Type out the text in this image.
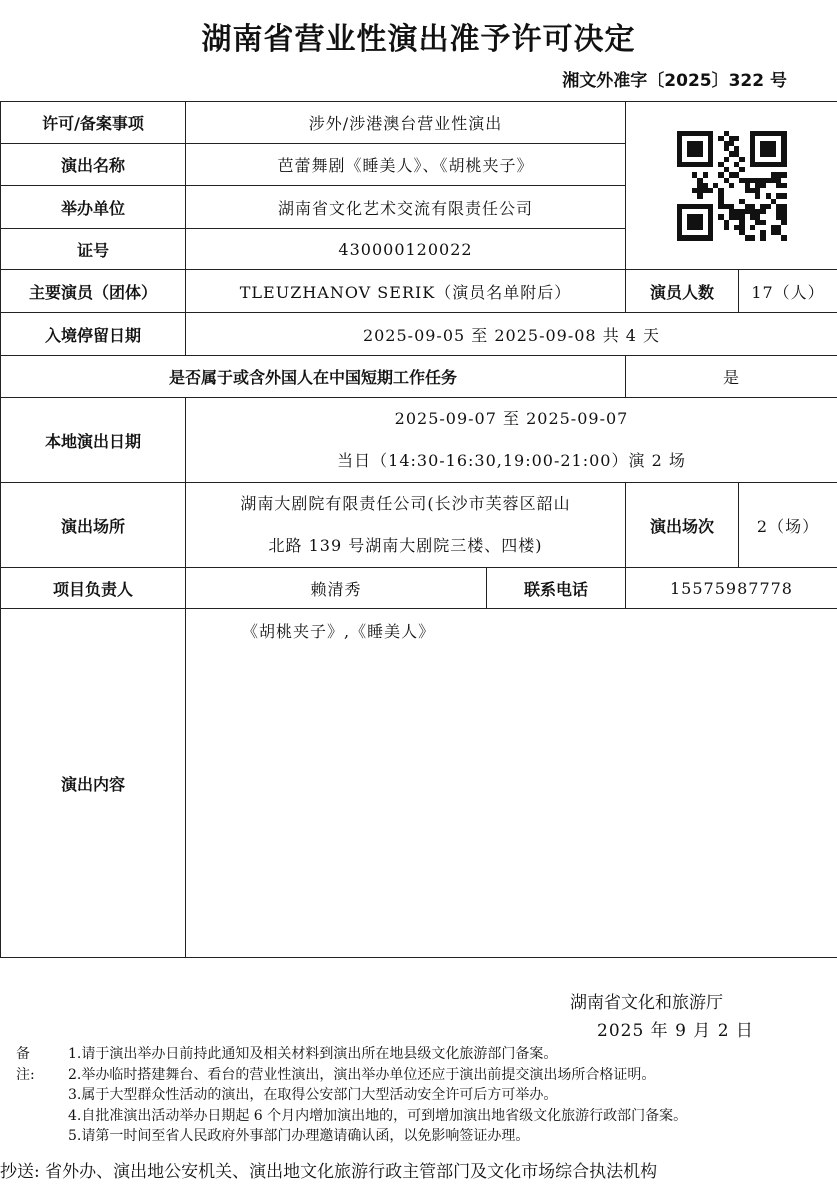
湖南省营业性演出准予许可决定
湘文外准字〔2025〕322 号
许可/备案事项	涉外/涉港澳台营业性演出			

演出名称	芭蕾舞剧《睡美人》、《胡桃夹子》			
举办单位	湖南省文化艺术交流有限责任公司			
证号	430000120022			
主要演员（团体）	TLEUZHANOV SERIK（演员名单附后）		演员人数	17（人）
入境停留日期	2025-09-05 至 2025-09-08 共 4 天			
是否属于或含外国人在中国短期工作任务			是	
本地演出日期	2025-09-07 至 2025-09-07
当日（14:30-16:30,19:00-21:00）演 2 场			

演出场所	湖南大剧院有限责任公司(长沙市芙蓉区韶山
北路 139 号湖南大剧院三楼、四楼)		演出场次	2（场）
项目负责人	赖清秀	联系电话	15575987778	
演出内容	《胡桃夹子》,《睡美人》			
湖南省文化和旅游厅
2025 年 9 月 2 日
备注:
1.请于演出举办日前持此通知及相关材料到演出所在地县级文化旅游部门备案。
2.举办临时搭建舞台、看台的营业性演出，演出举办单位还应于演出前提交演出场所合格证明。
3.属于大型群众性活动的演出，在取得公安部门大型活动安全许可后方可举办。
4.自批准演出活动举办日期起 6 个月内增加演出地的，可到增加演出地省级文化旅游行政部门备案。
5.请第一时间至省人民政府外事部门办理邀请确认函，以免影响签证办理。
抄送: 省外办、演出地公安机关、演出地文化旅游行政主管部门及文化市场综合执法机构
